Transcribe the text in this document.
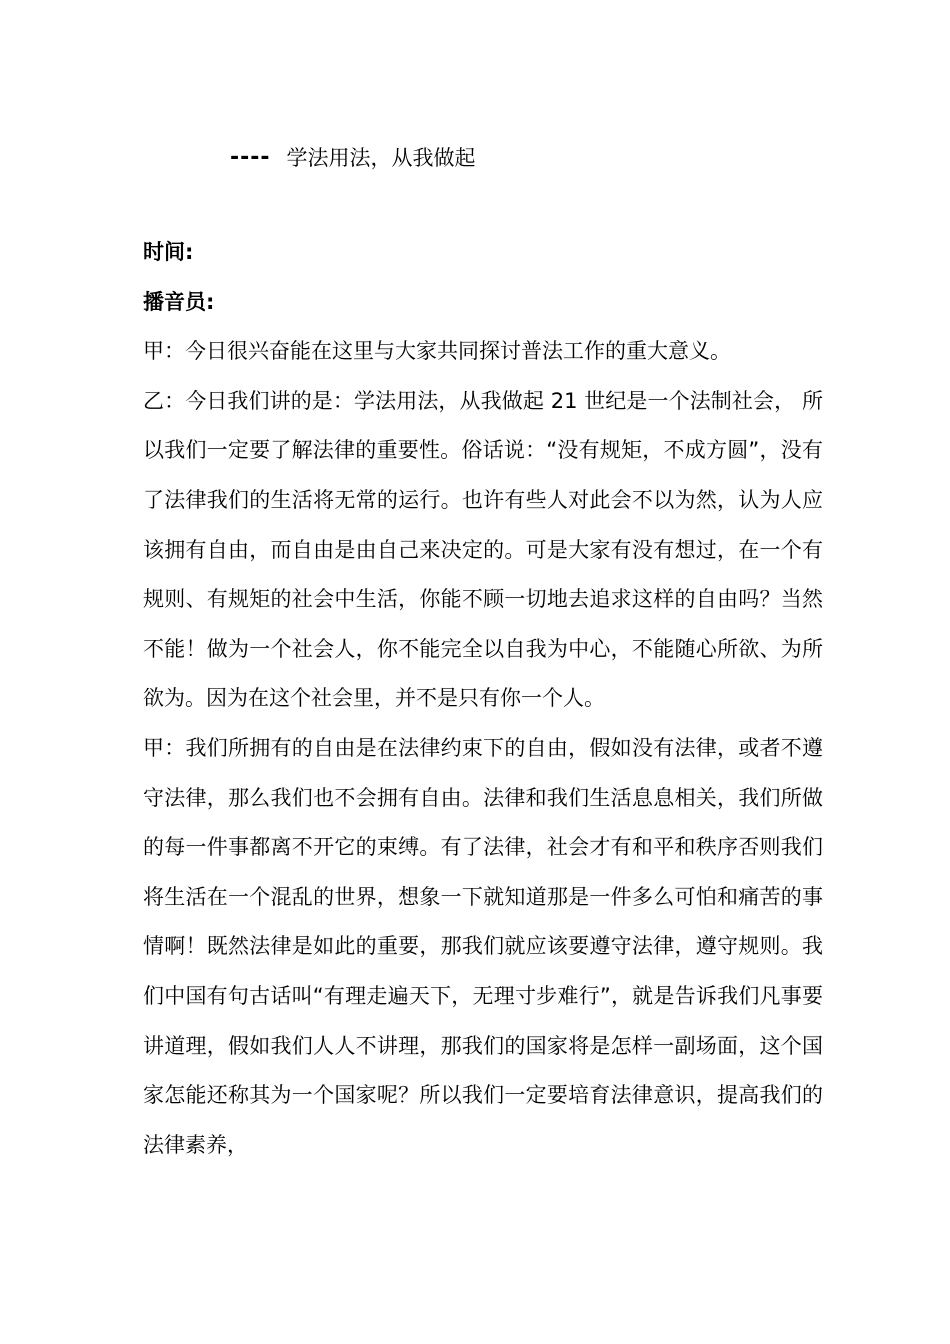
---- 学法用法，从我做起
时间:
播音员:

甲：今日很兴奋能在这里与大家共同探讨普法工作的重大意义。

乙：今日我们讲的是：学法用法，从我做起 21 世纪是一个法制社会， 所以我们一定要了解法律的重要性。俗话说：“没有规矩，不成方圆”，没有了法律我们的生活将无常的运行。也许有些人对此会不以为然，认为人应该拥有自由，而自由是由自己来决定的。可是大家有没有想过，在一个有规则、有规矩的社会中生活，你能不顾一切地去追求这样的自由吗？当然不能！做为一个社会人，你不能完全以自我为中心，不能随心所欲、为所欲为。因为在这个社会里，并不是只有你一个人。

甲：我们所拥有的自由是在法律约束下的自由，假如没有法律，或者不遵守法律，那么我们也不会拥有自由。法律和我们生活息息相关，我们所做的每一件事都离不开它的束缚。有了法律，社会才有和平和秩序否则我们将生活在一个混乱的世界，想象一下就知道那是一件多么可怕和痛苦的事情啊！既然法律是如此的重要，那我们就应该要遵守法律，遵守规则。我们中国有句古话叫“有理走遍天下，无理寸步难行”，就是告诉我们凡事要讲道理，假如我们人人不讲理，那我们的国家将是怎样一副场面，这个国家怎能还称其为一个国家呢？所以我们一定要培育法律意识，提高我们的法律素养，
